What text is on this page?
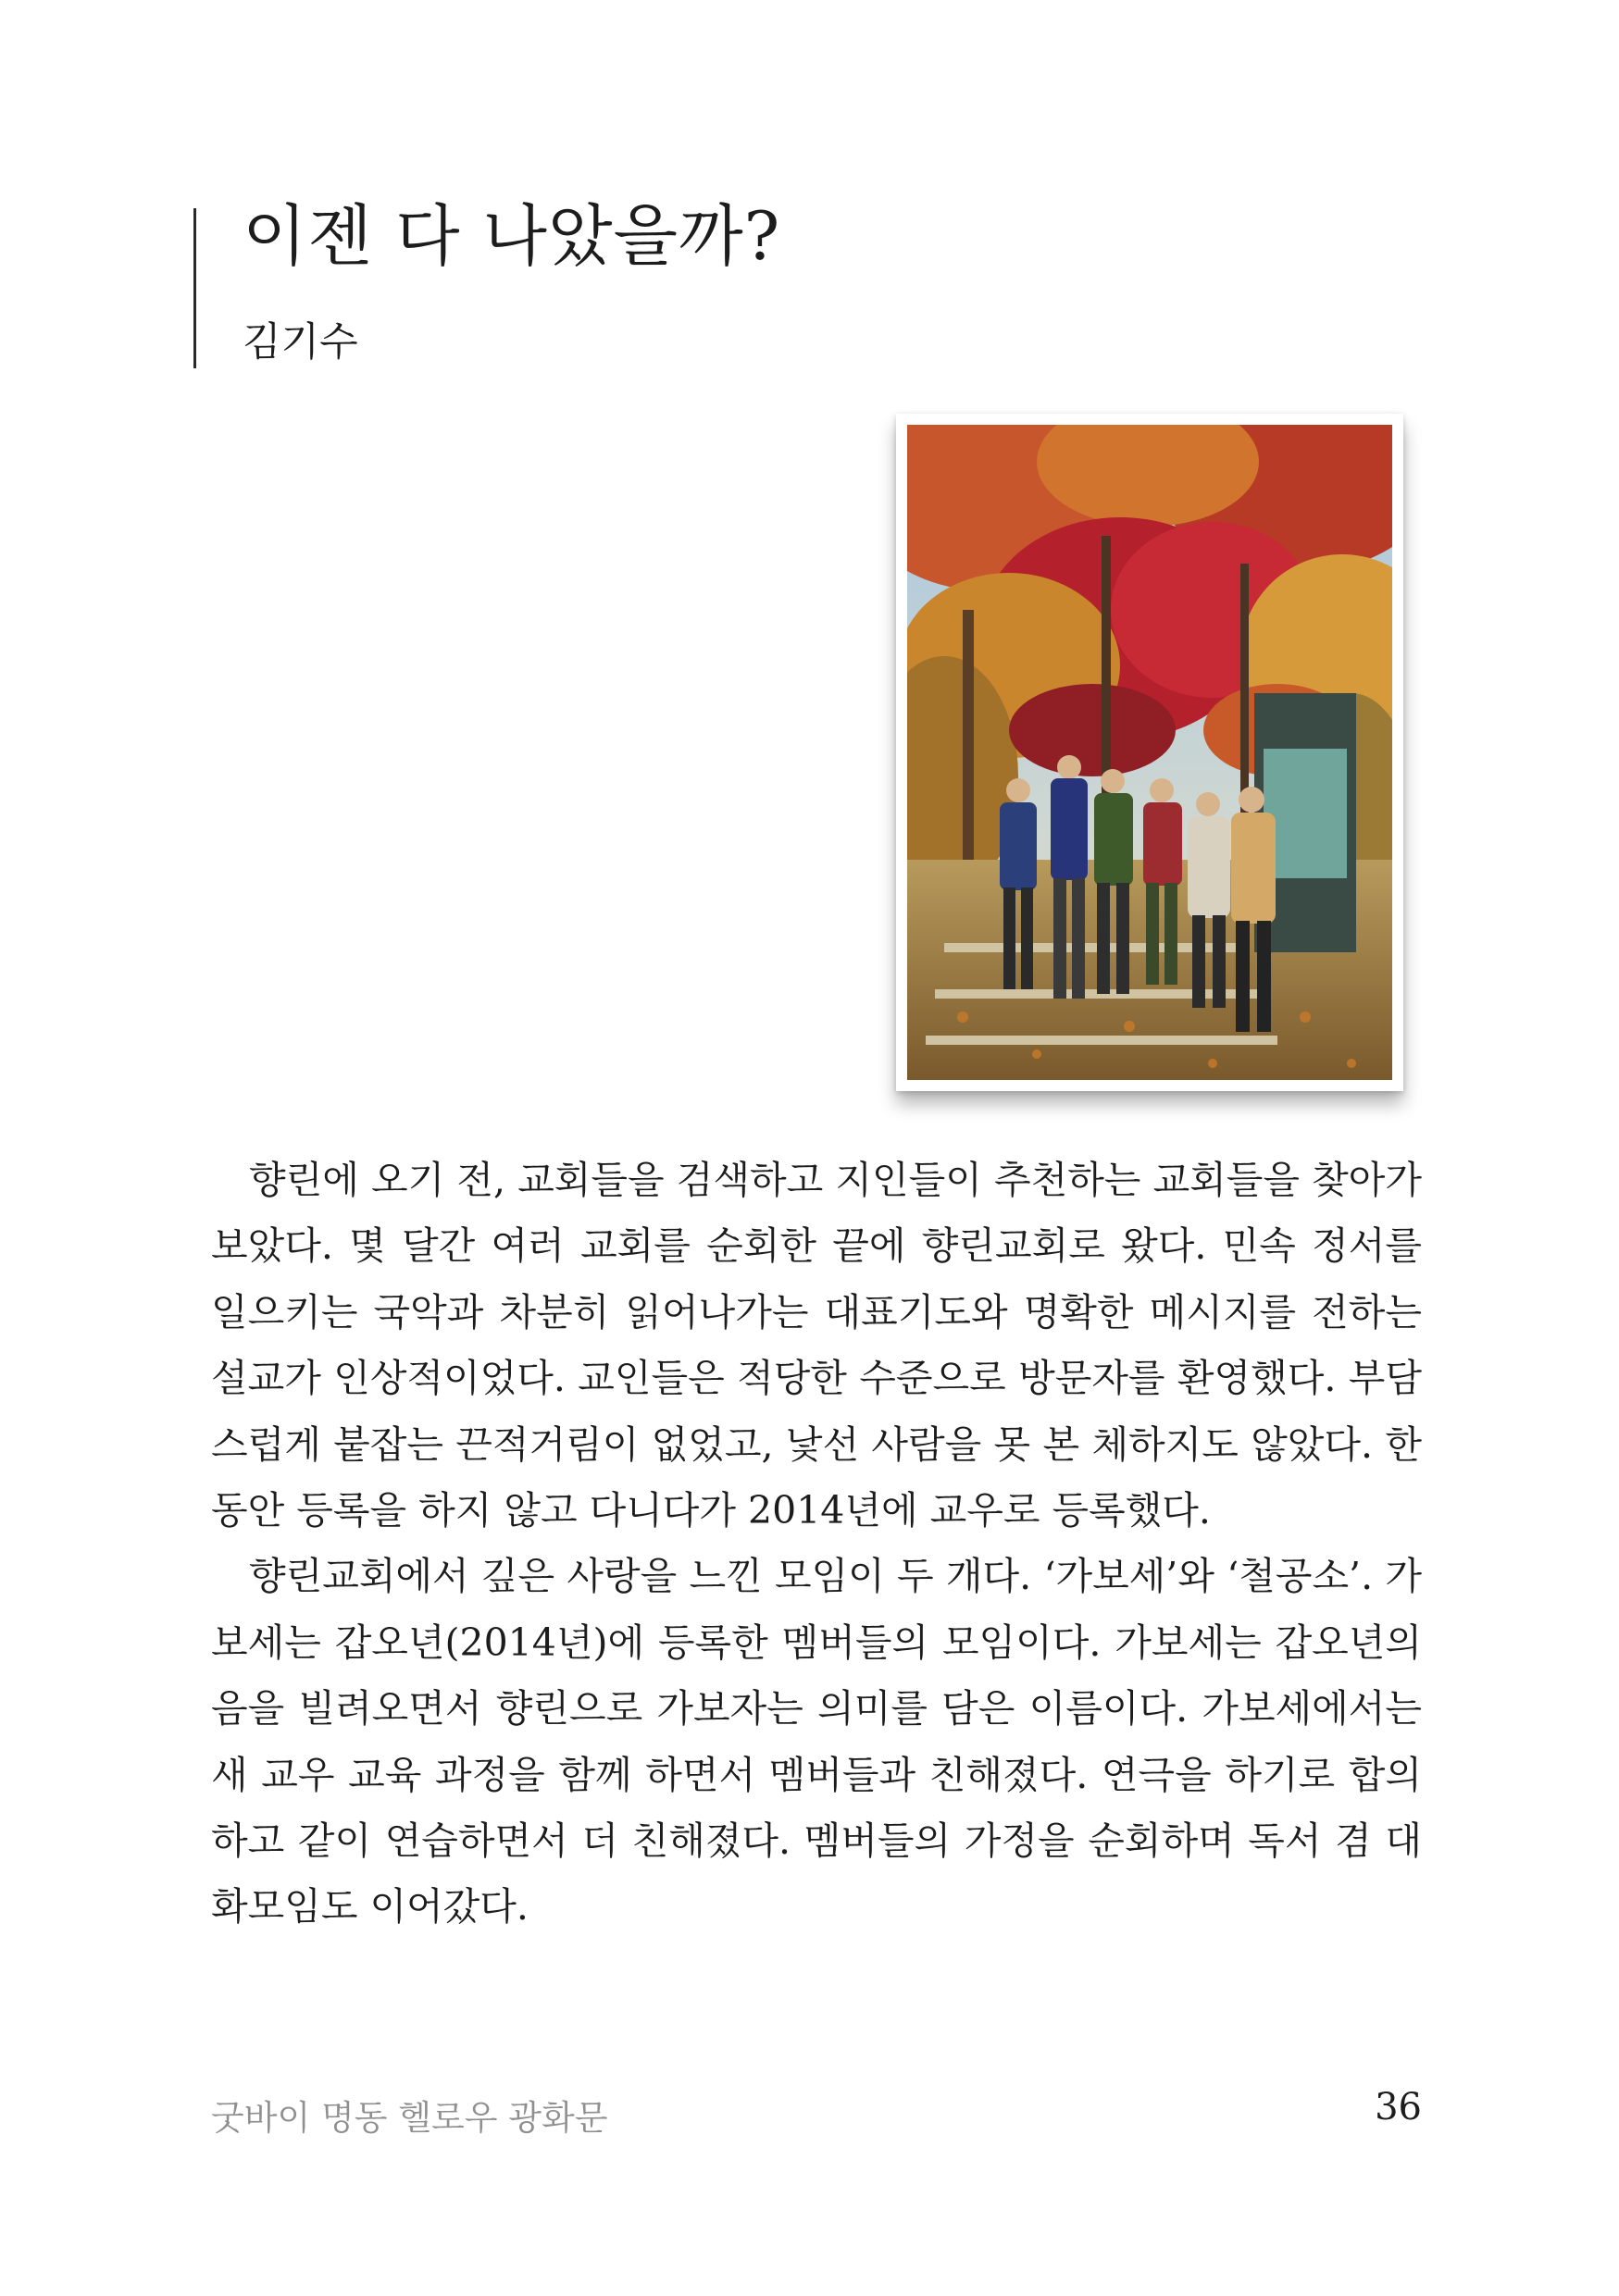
이젠 다 나았을까?
김기수

향린에 오기 전, 교회들을 검색하고 지인들이 추천하는 교회들을 찾아가 보았다. 몇 달간 여러 교회를 순회한 끝에 향린교회로 왔다. 민속 정서를 일으키는 국악과 차분히 읽어나가는 대표기도와 명확한 메시지를 전하는 설교가 인상적이었다. 교인들은 적당한 수준으로 방문자를 환영했다. 부담스럽게 붙잡는 끈적거림이 없었고, 낯선 사람을 못 본 체하지도 않았다. 한동안 등록을 하지 않고 다니다가 2014년에 교우로 등록했다.

향린교회에서 깊은 사랑을 느낀 모임이 두 개다. ‘가보세’와 ‘철공소’. 가보세는 갑오년(2014년)에 등록한 멤버들의 모임이다. 가보세는 갑오년의 음을 빌려오면서 향린으로 가보자는 의미를 담은 이름이다. 가보세에서는 새 교우 교육 과정을 함께 하면서 멤버들과 친해졌다. 연극을 하기로 합의하고 같이 연습하면서 더 친해졌다. 멤버들의 가정을 순회하며 독서 겸 대화모임도 이어갔다.

굿바이 명동 헬로우 광화문	36
